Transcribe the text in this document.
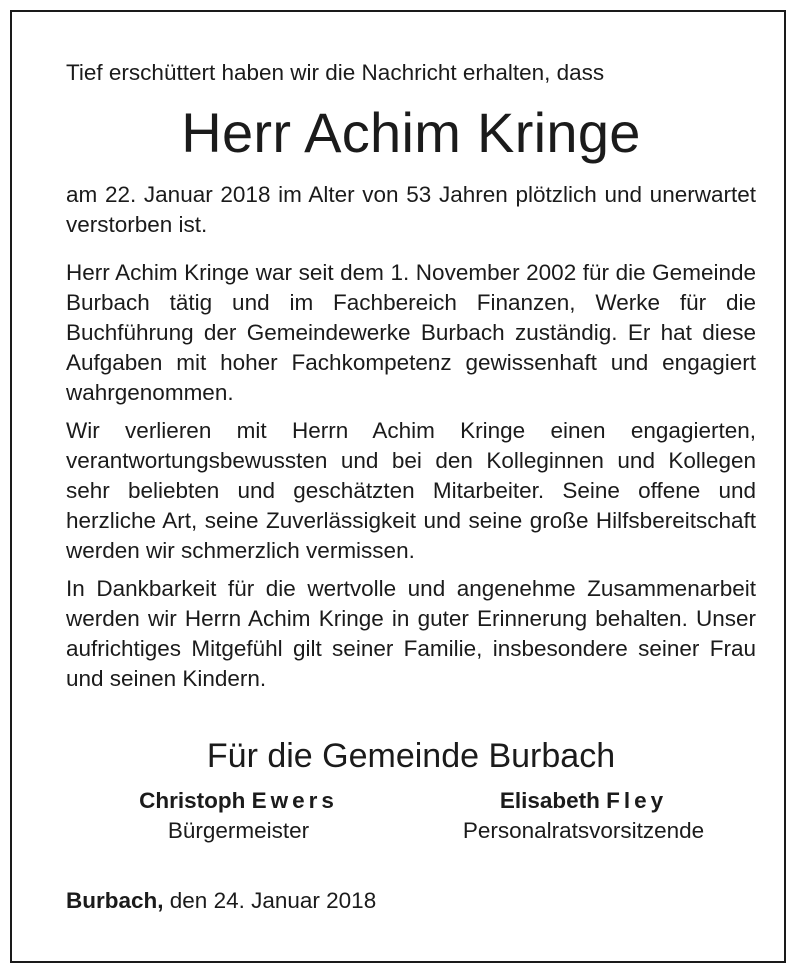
Tief erschüttert haben wir die Nachricht erhalten, dass
Herr Achim Kringe

am 22. Januar 2018 im Alter von 53 Jahren plötzlich und unerwartet verstorben ist.

Herr Achim Kringe war seit dem 1. November 2002 für die Gemeinde Burbach tätig und im Fachbereich Finanzen, Werke für die Buchführung der Gemeindewerke Burbach zuständig. Er hat diese Aufgaben mit hoher Fachkompetenz gewissenhaft und engagiert wahrgenommen.

Wir verlieren mit Herrn Achim Kringe einen engagierten, verantwortungsbewussten und bei den Kolleginnen und Kollegen sehr beliebten und geschätzten Mitarbeiter. Seine offene und herzliche Art, seine Zuverlässigkeit und seine große Hilfsbereitschaft werden wir schmerzlich vermissen.

In Dankbarkeit für die wertvolle und angenehme Zusammenarbeit werden wir Herrn Achim Kringe in guter Erinnerung behalten. Unser aufrichtiges Mitgefühl gilt seiner Familie, insbesondere seiner Frau und seinen Kindern.

Für die Gemeinde Burbach
Christoph Ewers
Bürgermeister
Elisabeth Fley
Personalratsvorsitzende
Burbach, den 24. Januar 2018
